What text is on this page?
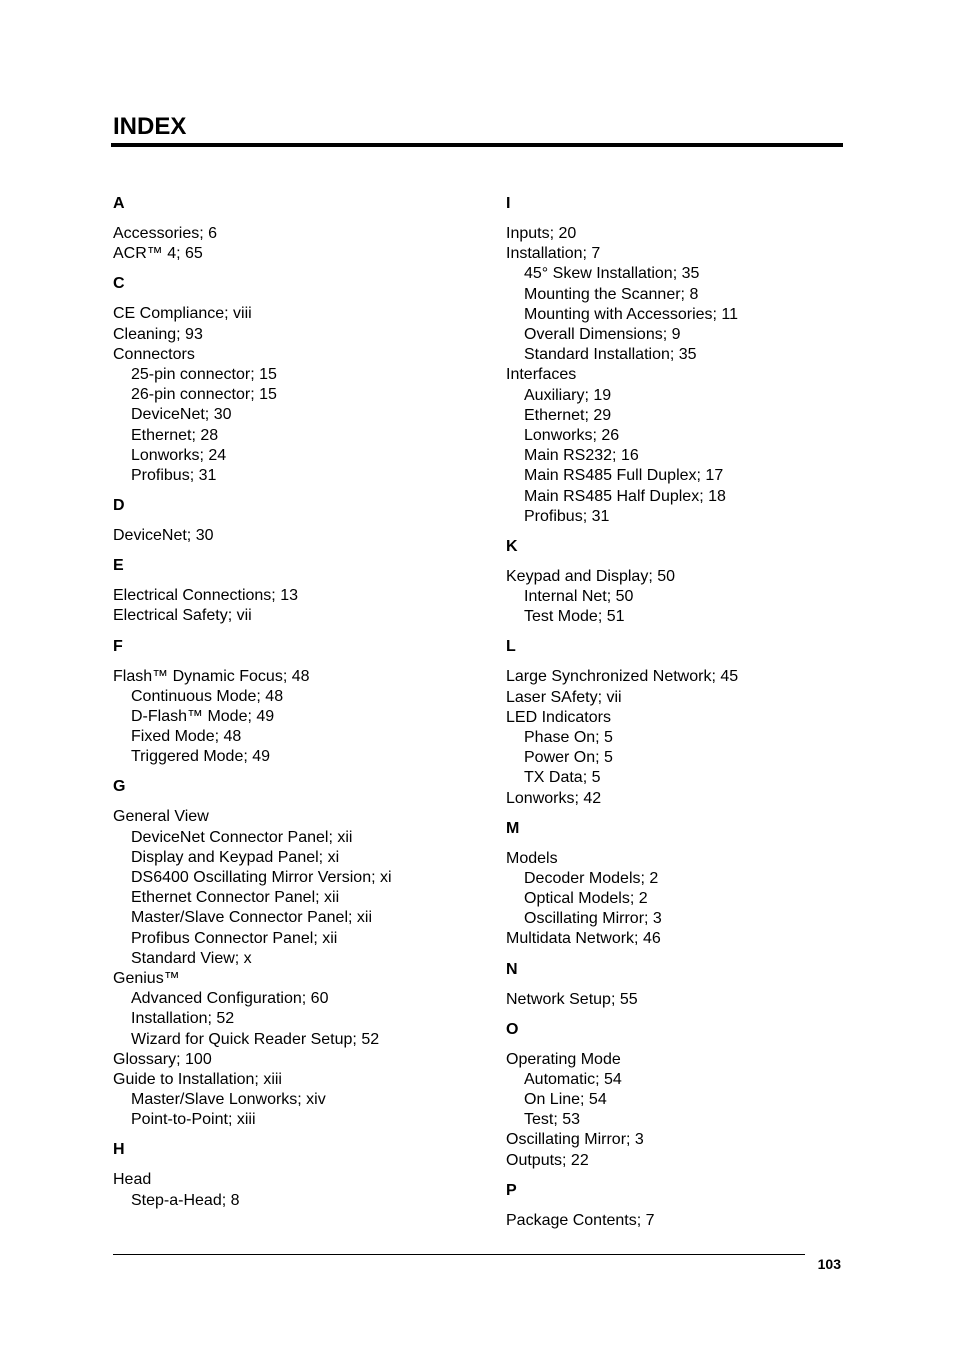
INDEX
A
Accessories; 6
ACR™ 4; 65
C
CE Compliance; viii
Cleaning; 93
Connectors
25-pin connector; 15
26-pin connector; 15
DeviceNet; 30
Ethernet; 28
Lonworks; 24
Profibus; 31
D
DeviceNet; 30
E
Electrical Connections; 13
Electrical Safety; vii
F
Flash™ Dynamic Focus; 48
Continuous Mode; 48
D-Flash™ Mode; 49
Fixed Mode; 48
Triggered Mode; 49
G
General View
DeviceNet Connector Panel; xii
Display and Keypad Panel; xi
DS6400 Oscillating Mirror Version; xi
Ethernet Connector Panel; xii
Master/Slave Connector Panel; xii
Profibus Connector Panel; xii
Standard View; x
Genius™
Advanced Configuration; 60
Installation; 52
Wizard for Quick Reader Setup; 52
Glossary; 100
Guide to Installation; xiii
Master/Slave Lonworks; xiv
Point-to-Point; xiii
H
Head
Step-a-Head; 8
I
Inputs; 20
Installation; 7
45° Skew Installation; 35
Mounting the Scanner; 8
Mounting with Accessories; 11
Overall Dimensions; 9
Standard Installation; 35
Interfaces
Auxiliary; 19
Ethernet; 29
Lonworks; 26
Main RS232; 16
Main RS485 Full Duplex; 17
Main RS485 Half Duplex; 18
Profibus; 31
K
Keypad and Display; 50
Internal Net; 50
Test Mode; 51
L
Large Synchronized Network; 45
Laser SAfety; vii
LED Indicators
Phase On; 5
Power On; 5
TX Data; 5
Lonworks; 42
M
Models
Decoder Models; 2
Optical Models; 2
Oscillating Mirror; 3
Multidata Network; 46
N
Network Setup; 55
O
Operating Mode
Automatic; 54
On Line; 54
Test; 53
Oscillating Mirror; 3
Outputs; 22
P
Package Contents; 7
103
